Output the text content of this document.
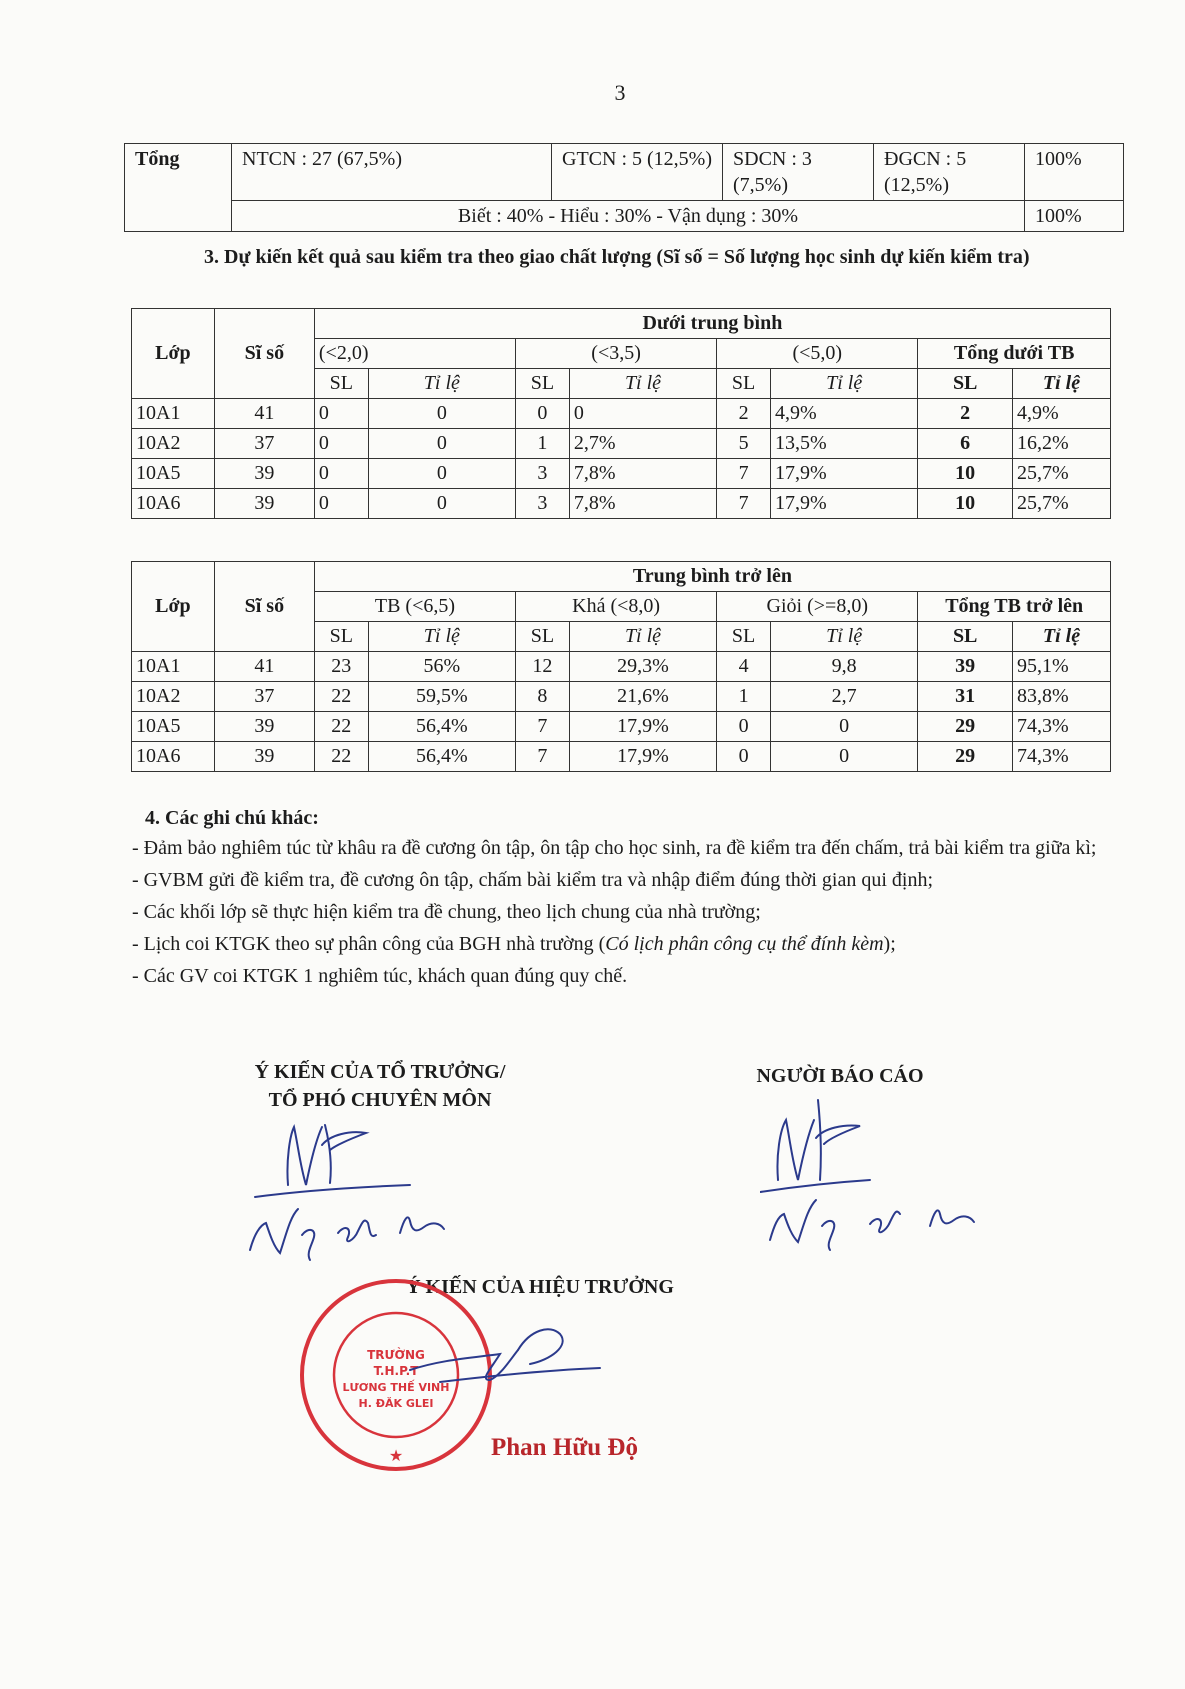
3
Tổng	NTCN : 27 (67,5%)	GTCN : 5 (12,5%)	SDCN : 3 (7,5%)	ĐGCN : 5 (12,5%)	100%
	Biết : 40% - Hiểu : 30% - Vận dụng : 30%				100%
3. Dự kiến kết quả sau kiểm tra theo giao chất lượng (Sĩ số = Số lượng học sinh dự kiến kiểm tra)
Lớp	Sĩ số	Dưới trung bình							
		(<2,0)		(<3,5)		(<5,0)		Tổng dưới TB	
		SL	Tỉ lệ	SL	Tỉ lệ	SL	Tỉ lệ	SL	Tỉ lệ
10A1	41	0	0	0	0	2	4,9%	2	4,9%
10A2	37	0	0	1	2,7%	5	13,5%	6	16,2%
10A5	39	0	0	3	7,8%	7	17,9%	10	25,7%
10A6	39	0	0	3	7,8%	7	17,9%	10	25,7%
Lớp	Sĩ số	Trung bình trở lên							
		TB (<6,5)		Khá (<8,0)		Giỏi (>=8,0)		Tổng TB trở lên	
		SL	Tỉ lệ	SL	Tỉ lệ	SL	Tỉ lệ	SL	Tỉ lệ
10A1	41	23	56%	12	29,3%	4	9,8	39	95,1%
10A2	37	22	59,5%	8	21,6%	1	2,7	31	83,8%
10A5	39	22	56,4%	7	17,9%	0	0	29	74,3%
10A6	39	22	56,4%	7	17,9%	0	0	29	74,3%
4. Các ghi chú khác:
- Đảm bảo nghiêm túc từ khâu ra đề cương ôn tập, ôn tập cho học sinh, ra đề kiểm tra đến chấm, trả bài kiểm tra giữa kì;
- GVBM gửi đề kiểm tra, đề cương ôn tập, chấm bài kiểm tra và nhập điểm đúng thời gian qui định;
- Các khối lớp sẽ thực hiện kiểm tra đề chung, theo lịch chung của nhà trường;
- Lịch coi KTGK theo sự phân công của BGH nhà trường (Có lịch phân công cụ thể đính kèm);
- Các GV coi KTGK 1 nghiêm túc, khách quan đúng quy chế.
Ý KIẾN CỦA TỔ TRƯỞNG/
TỔ PHÓ CHUYÊN MÔN
NGƯỜI BÁO CÁO
Ý KIẾN CỦA HIỆU TRƯỞNG
TRƯỜNG
T.H.P.T
LƯƠNG THẾ VINH
H. ĐĂK GLEI
★	Phan Hữu Độ
